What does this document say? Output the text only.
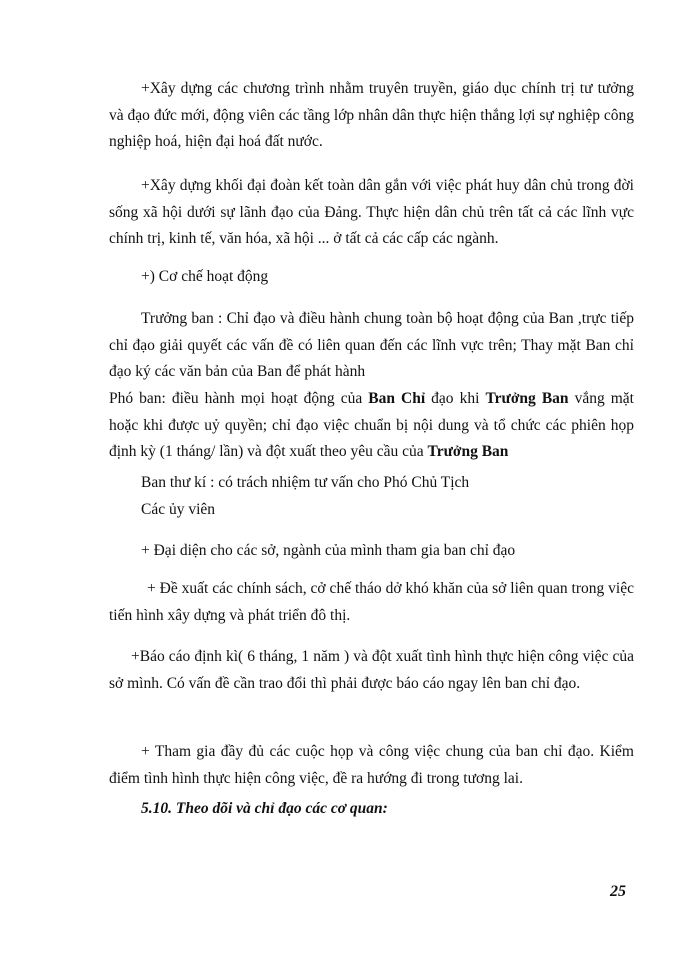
+Xây dựng các chương trình nhằm truyên truyền, giáo dục chính trị tư tưởng và đạo đức mới, động viên các tầng lớp nhân dân thực hiện thắng lợi sự nghiệp công nghiệp hoá, hiện đại hoá đất nước.

+Xây dựng khối đại đoàn kết toàn dân gắn với việc phát huy dân chủ trong đời sống xã hội dưới sự lãnh đạo của Đảng. Thực hiện dân chủ trên tất cả các lĩnh vực chính trị, kinh tế, văn hóa, xã hội ... ở tất cả các cấp các ngành.

+) Cơ chế hoạt động

Trưởng ban : Chỉ đạo và điều hành chung toàn bộ hoạt động của Ban ,trực tiếp chỉ đạo giải quyết các vấn đề có liên quan đến các lĩnh vực trên; Thay mặt Ban chỉ đạo ký các văn bản của Ban để phát hành

Phó ban: điều hành mọi hoạt động của Ban Chỉ đạo khi Trưởng Ban vắng mặt hoặc khi được uỷ quyền; chỉ đạo việc chuẩn bị nội dung và tổ chức các phiên họp định kỳ (1 tháng/ lần) và đột xuất theo yêu cầu của Trưởng Ban

Ban thư kí : có trách nhiệm tư vấn cho Phó Chủ Tịch

Các ủy viên

+ Đại diện cho các sở, ngành của mình tham gia ban chỉ đạo

+ Đề xuất các chính sách, cở chế tháo dở khó khăn của sở liên quan trong việc tiến hình xây dựng và phát triển đô thị.

+Báo cáo định kì( 6 tháng, 1 năm ) và đột xuất tình hình thực hiện công việc của sở mình. Có vấn đề cần trao đổi thì phải được báo cáo ngay lên ban chỉ đạo.

+ Tham gia đầy đủ các cuộc họp và công việc chung của ban chỉ đạo. Kiểm điểm tình hình thực hiện công việc, đề ra hướng đi trong tương lai.

5.10. Theo dõi và chỉ đạo các cơ quan:
25
